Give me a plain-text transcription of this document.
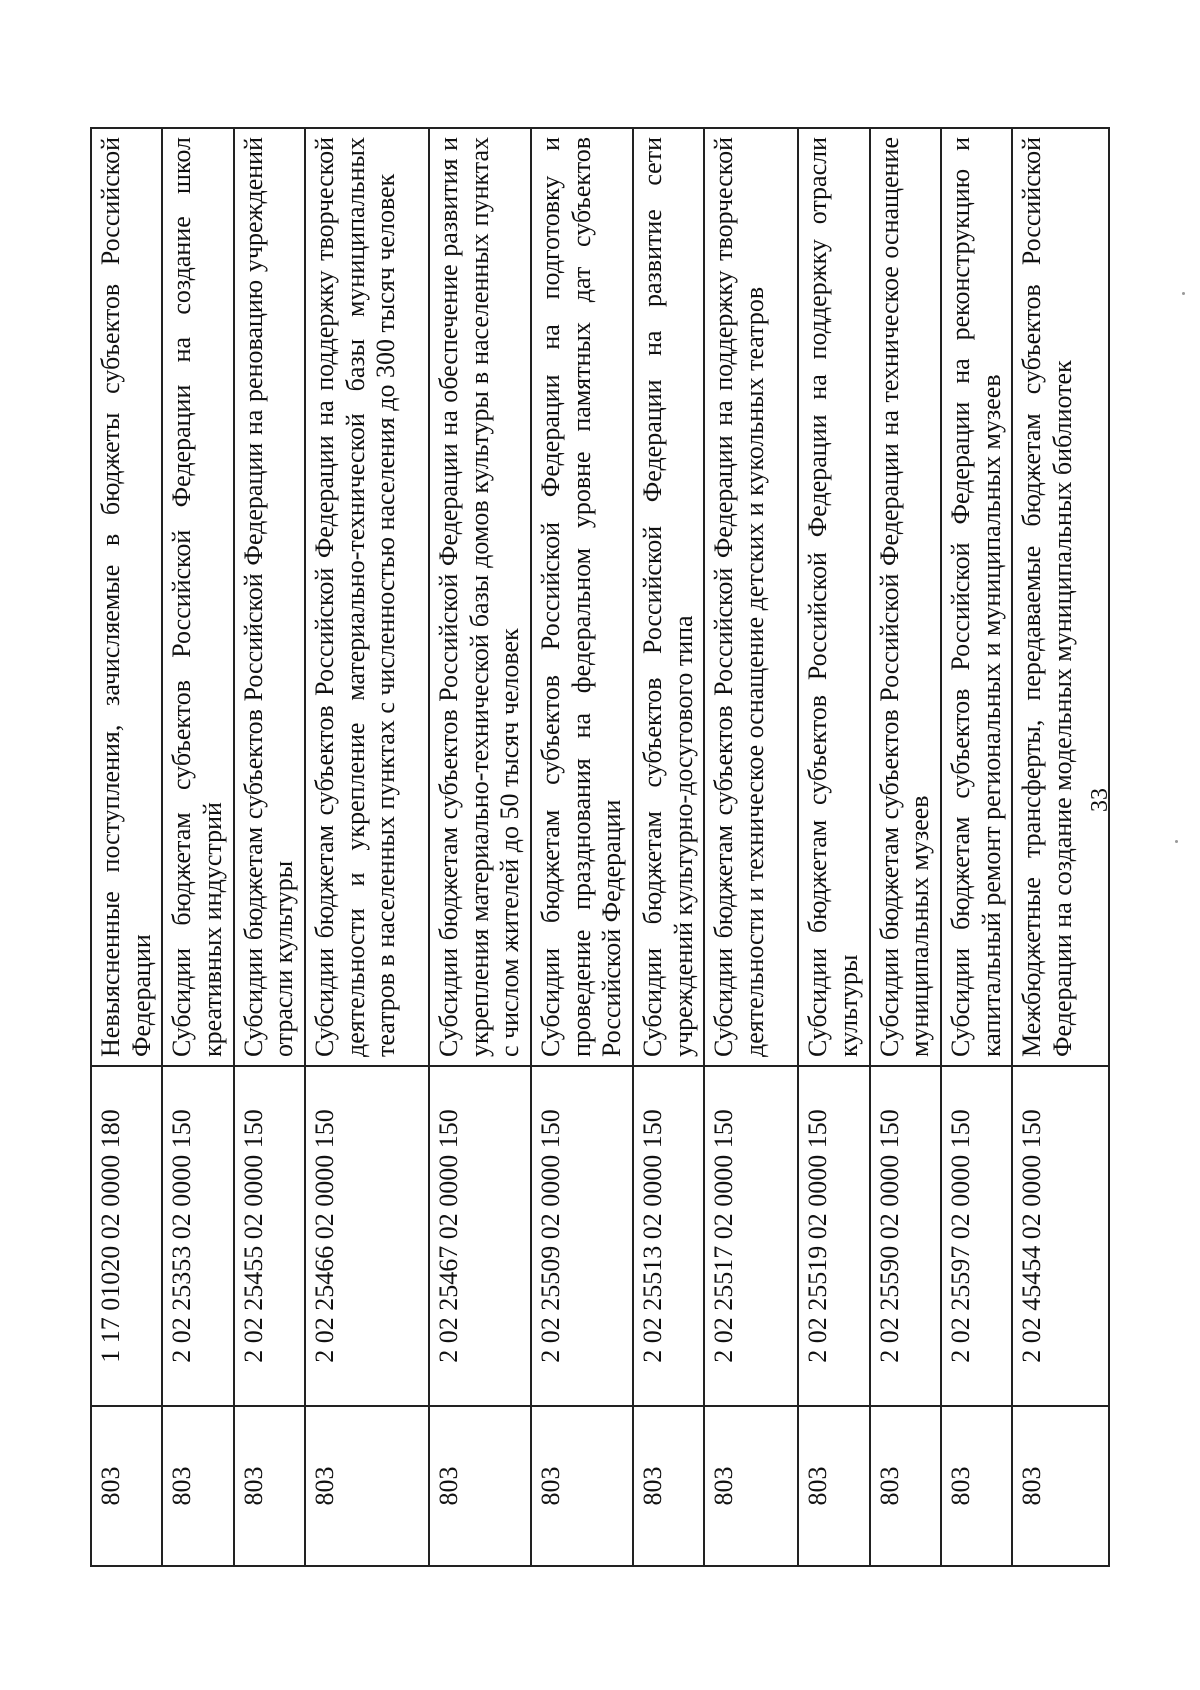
803	1 17 01020 02 0000 180	Невыясненные поступления, зачисляемые в бюджеты субъектов Российской Федерации
803	2 02 25353 02 0000 150	Субсидии бюджетам субъектов Российской Федерации на создание школ креативных индустрий
803	2 02 25455 02 0000 150	Субсидии бюджетам субъектов Российской Федерации на реновацию учреждений отрасли культуры
803	2 02 25466 02 0000 150	Субсидии бюджетам субъектов Российской Федерации на поддержку творческой деятельности и укрепление материально-технической базы муниципальных театров в населенных пунктах с численностью населения до 300 тысяч человек
803	2 02 25467 02 0000 150	Субсидии бюджетам субъектов Российской Федерации на обеспечение развития и укрепления материально-технической базы домов культуры в населенных пунктах с числом жителей до 50 тысяч человек
803	2 02 25509 02 0000 150	Субсидии бюджетам субъектов Российской Федерации на подготовку и проведение празднования на федеральном уровне памятных дат субъектов Российской Федерации
803	2 02 25513 02 0000 150	Субсидии бюджетам субъектов Российской Федерации на развитие сети учреждений культурно-досугового типа
803	2 02 25517 02 0000 150	Субсидии бюджетам субъектов Российской Федерации на поддержку творческой деятельности и техническое оснащение детских и кукольных театров
803	2 02 25519 02 0000 150	Субсидии бюджетам субъектов Российской Федерации на поддержку отрасли культуры
803	2 02 25590 02 0000 150	Субсидии бюджетам субъектов Российской Федерации на техническое оснащение муниципальных музеев
803	2 02 25597 02 0000 150	Субсидии бюджетам субъектов Российской Федерации на реконструкцию и капитальный ремонт региональных и муниципальных музеев
803	2 02 45454 02 0000 150	Межбюджетные трансферты, передаваемые бюджетам субъектов Российской Федерации на создание модельных муниципальных библиотек 33
